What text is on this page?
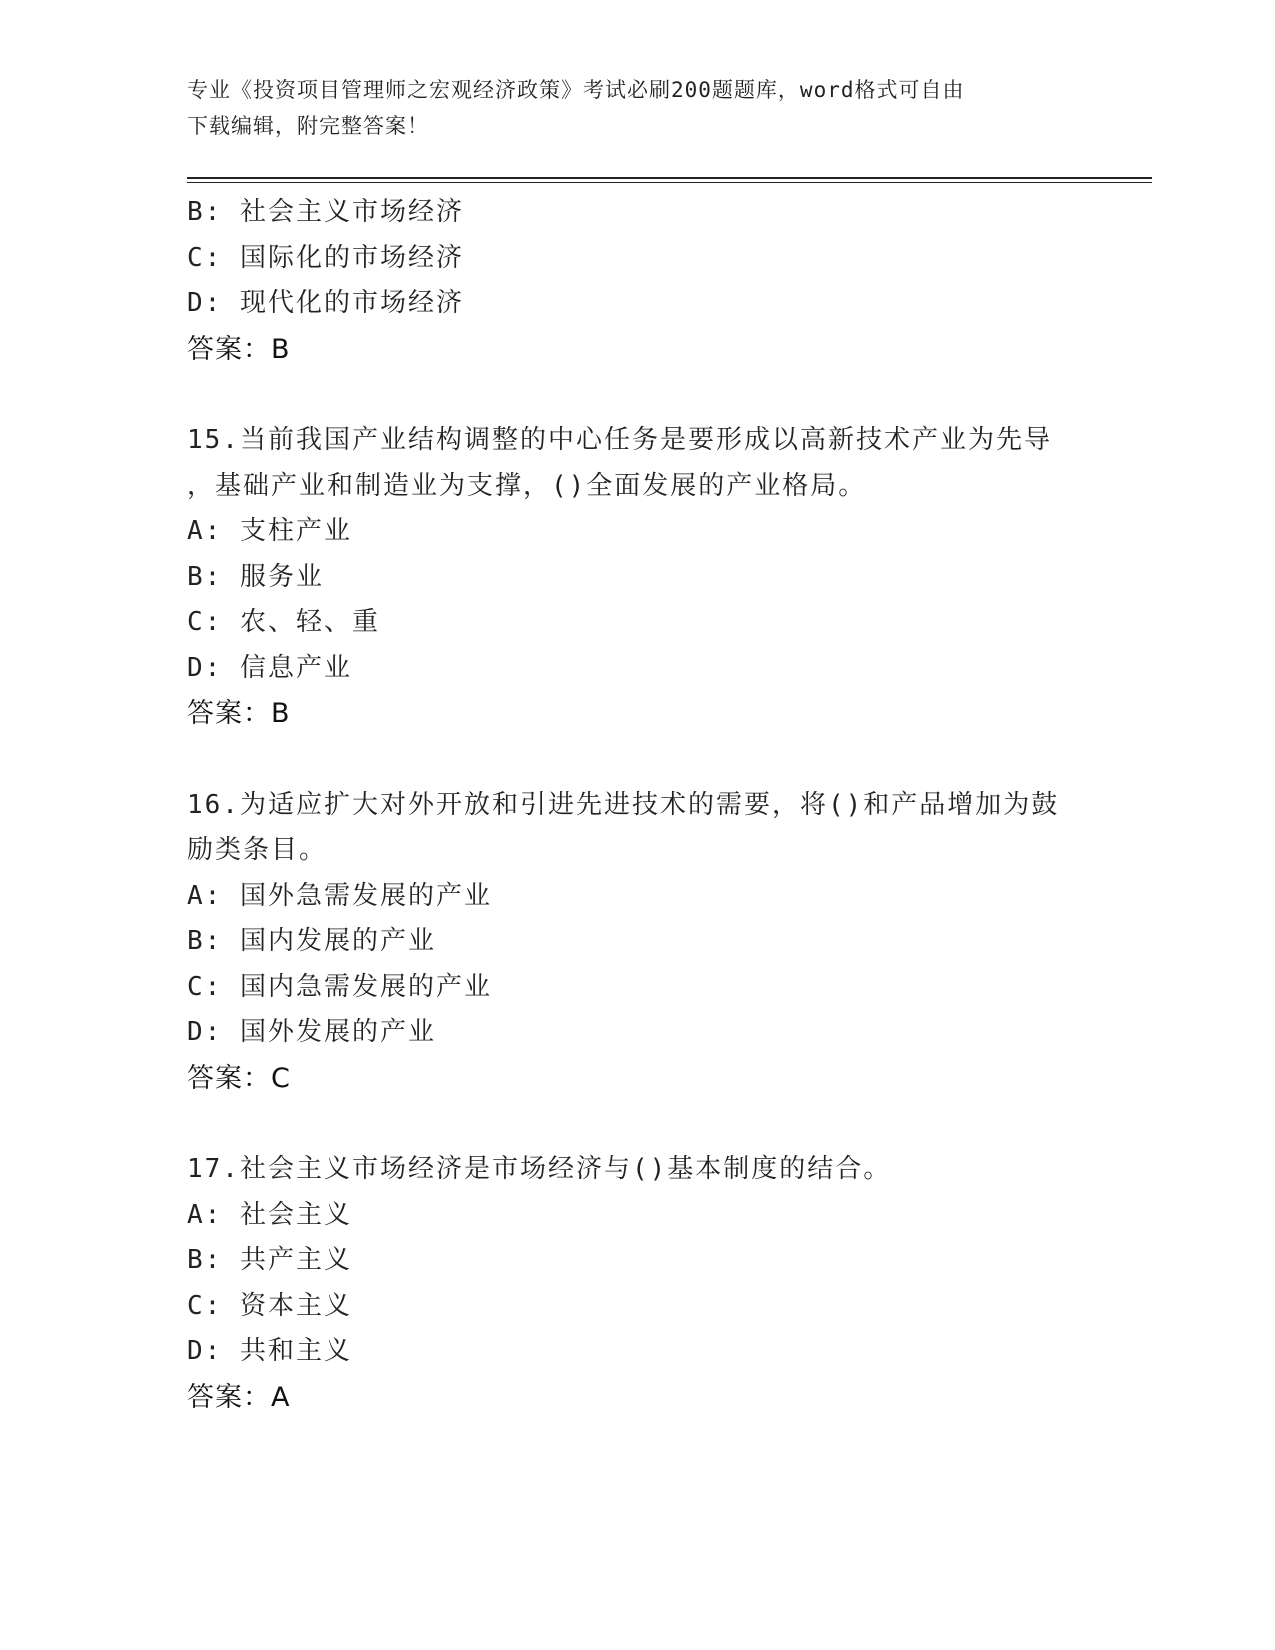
专业《投资项目管理师之宏观经济政策》考试必刷200题题库，word格式可自由
下载编辑，附完整答案！
B: 社会主义市场经济
C: 国际化的市场经济
D: 现代化的市场经济
答案：B
15.当前我国产业结构调整的中心任务是要形成以高新技术产业为先导
，基础产业和制造业为支撑，()全面发展的产业格局。
A: 支柱产业
B: 服务业
C: 农、轻、重
D: 信息产业
答案：B
16.为适应扩大对外开放和引进先进技术的需要，将()和产品增加为鼓
励类条目。
A: 国外急需发展的产业
B: 国内发展的产业
C: 国内急需发展的产业
D: 国外发展的产业
答案：C
17.社会主义市场经济是市场经济与()基本制度的结合。
A: 社会主义
B: 共产主义
C: 资本主义
D: 共和主义
答案：A
